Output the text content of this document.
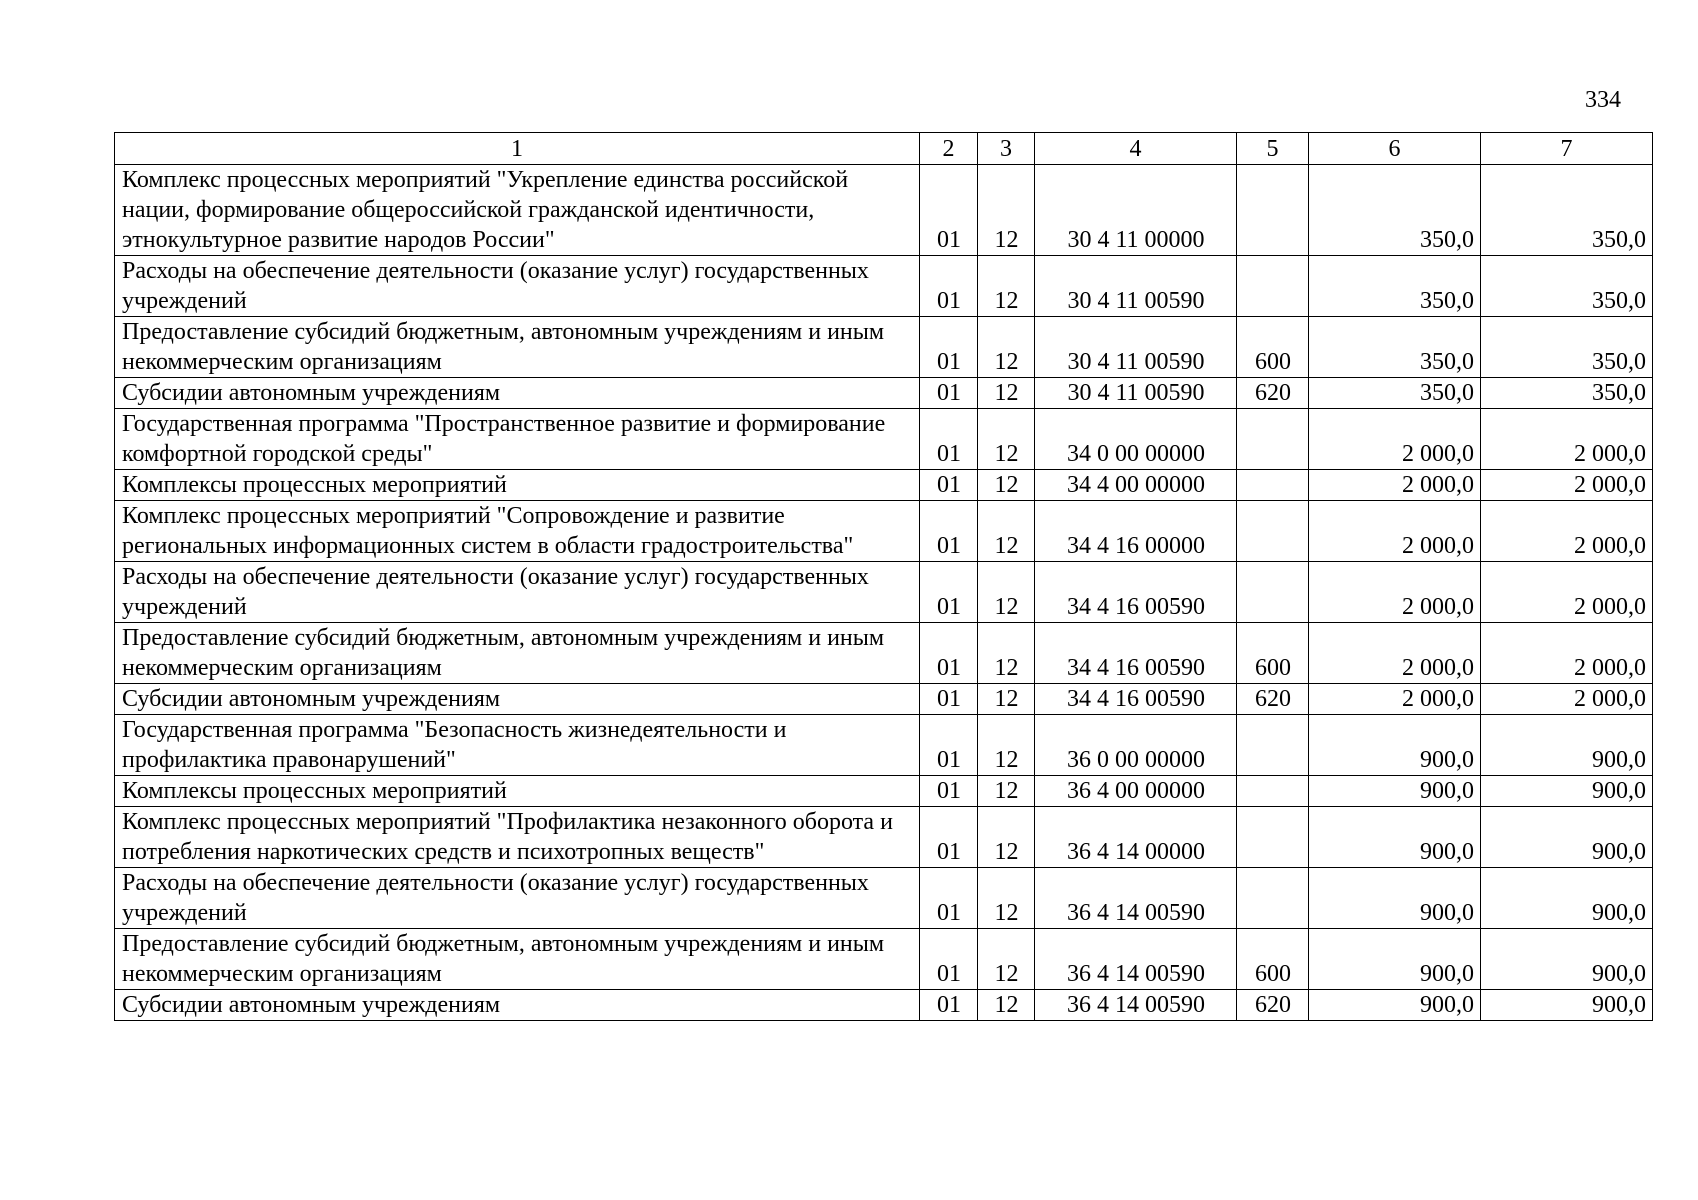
334
1	2	3	4	5	6	7
Комплекс процессных мероприятий "Укрепление единства российской нации, формирование общероссийской гражданской идентичности, этнокультурное развитие народов России"	01	12	30 4 11 00000		350,0	350,0
Расходы на обеспечение деятельности (оказание услуг) государственных учреждений	01	12	30 4 11 00590		350,0	350,0
Предоставление субсидий бюджетным, автономным учреждениям и иным некоммерческим организациям	01	12	30 4 11 00590	600	350,0	350,0
Субсидии автономным учреждениям	01	12	30 4 11 00590	620	350,0	350,0
Государственная программа "Пространственное развитие и формирование комфортной городской среды"	01	12	34 0 00 00000		2 000,0	2 000,0
Комплексы процессных мероприятий	01	12	34 4 00 00000		2 000,0	2 000,0
Комплекс процессных мероприятий "Сопровождение и развитие региональных информационных систем в области градостроительства"	01	12	34 4 16 00000		2 000,0	2 000,0
Расходы на обеспечение деятельности (оказание услуг) государственных учреждений	01	12	34 4 16 00590		2 000,0	2 000,0
Предоставление субсидий бюджетным, автономным учреждениям и иным некоммерческим организациям	01	12	34 4 16 00590	600	2 000,0	2 000,0
Субсидии автономным учреждениям	01	12	34 4 16 00590	620	2 000,0	2 000,0
Государственная программа "Безопасность жизнедеятельности и профилактика правонарушений"	01	12	36 0 00 00000		900,0	900,0
Комплексы процессных мероприятий	01	12	36 4 00 00000		900,0	900,0
Комплекс процессных мероприятий "Профилактика незаконного оборота и потребления наркотических средств и психотропных веществ"	01	12	36 4 14 00000		900,0	900,0
Расходы на обеспечение деятельности (оказание услуг) государственных учреждений	01	12	36 4 14 00590		900,0	900,0
Предоставление субсидий бюджетным, автономным учреждениям и иным некоммерческим организациям	01	12	36 4 14 00590	600	900,0	900,0
Субсидии автономным учреждениям	01	12	36 4 14 00590	620	900,0	900,0
